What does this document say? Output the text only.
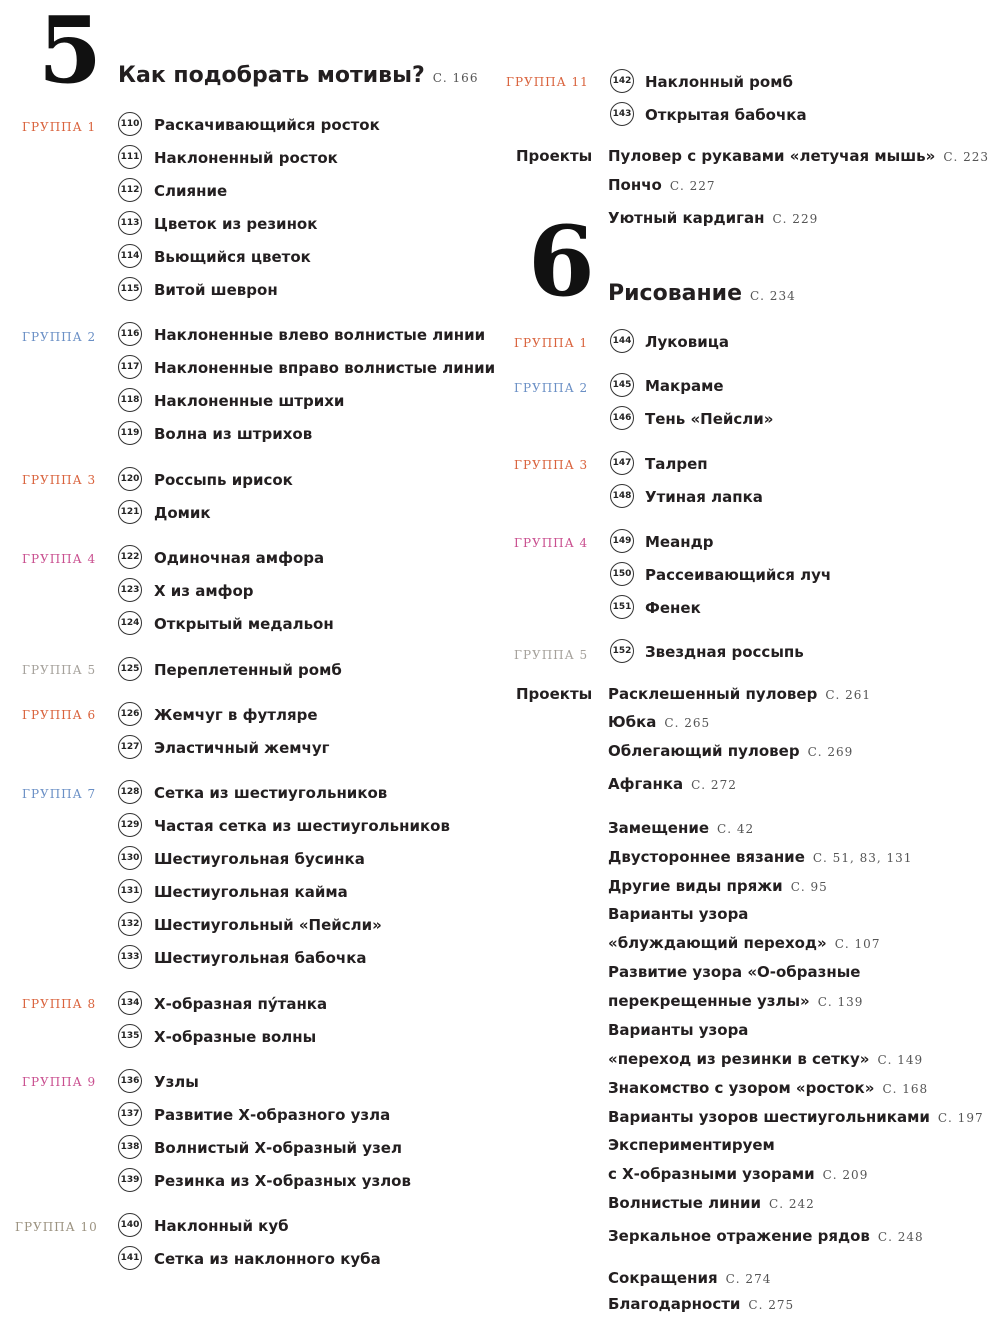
5 Как подобрать мотивы? С. 166
ГРУППА 1
ГРУППА 2
ГРУППА 3
ГРУППА 4
ГРУППА 5
ГРУППА 6
ГРУППА 7
ГРУППА 8
ГРУППА 9
ГРУППА 10
ГРУППА 11
110 Раскачивающийся росток
111 Наклоненный росток
112 Слияние
113 Цветок из резинок
114 Вьющийся цветок
115 Витой шеврон
116 Наклоненные влево волнистые линии
117 Наклоненные вправо волнистые линии
118 Наклоненные штрихи
119 Волна из штрихов
120 Россыпь ирисок
121 Домик
122 Одиночная амфора
123 Х из амфор
124 Открытый медальон
125 Переплетенный ромб
126 Жемчуг в футляре
127 Эластичный жемчуг
128 Сетка из шестиугольников
129 Частая сетка из шестиугольников
130 Шестиугольная бусинка
131 Шестиугольная кайма
132 Шестиугольный «Пейсли»
133 Шестиугольная бабочка
134 Х-образная пу́танка
135 Х-образные волны
136 Узлы
137 Развитие Х-образного узла
138 Волнистый Х-образный узел
139 Резинка из Х-образных узлов
140 Наклонный куб
141 Сетка из наклонного куба
142 Наклонный ромб
143 Открытая бабочка
Проекты Пуловер с рукавами «летучая мышь» С. 223
Пончо С. 227
Уютный кардиган С. 229
6 Рисование С. 234
ГРУППА 1
ГРУППА 2
ГРУППА 3
ГРУППА 4
ГРУППА 5
144 Луковица
145 Макраме
146 Тень «Пейсли»
147 Талреп
148 Утиная лапка
149 Меандр
150 Рассеивающийся луч
151 Фенек
152 Звездная россыпь
Проекты Расклешенный пуловер С. 261
Юбка С. 265
Облегающий пуловер С. 269
Афганка С. 272
Замещение С. 42
Двустороннее вязание С. 51, 83, 131
Другие виды пряжи С. 95
Варианты узора
«блуждающий переход» С. 107
Развитие узора «О-образные
перекрещенные узлы» С. 139
Варианты узора
«переход из резинки в сетку» С. 149
Знакомство с узором «росток» С. 168
Варианты узоров шестиугольниками С. 197
Экспериментируем
с Х-образными узорами С. 209
Волнистые линии С. 242
Зеркальное отражение рядов С. 248
Сокращения С. 274
Благодарности С. 275
